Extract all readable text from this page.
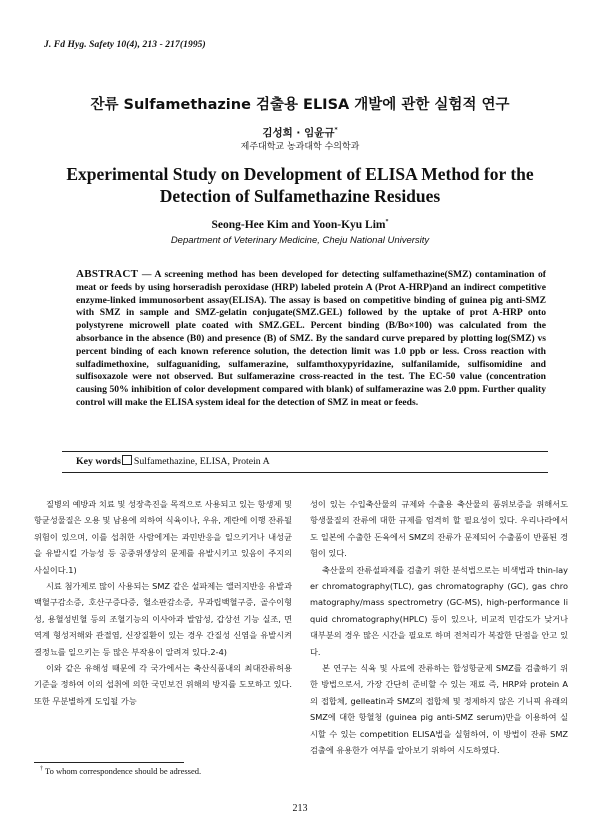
J. Fd Hyg. Safety 10(4), 213 - 217(1995)
잔류 Sulfamethazine 검출용 ELISA 개발에 관한 실험적 연구
김성희 · 임윤규*
제주대학교 농과대학 수의학과
Experimental Study on Development of ELISA Method for the Detection of Sulfamethazine Residues
Seong-Hee Kim and Yoon-Kyu Lim*
Department of Veterinary Medicine, Cheju National University
ABSTRACT — A screening method has been developed for detecting sulfamethazine(SMZ) contamination of meat or feeds by using horseradish peroxidase (HRP) labeled protein A (Prot A-HRP)and an indirect competitive enzyme-linked immunosorbent assay(ELISA). The assay is based on competitive binding of guinea pig anti-SMZ with SMZ in sample and SMZ-gelatin conjugate(SMZ.GEL) followed by the uptake of prot A-HRP onto polystyrene microwell plate coated with SMZ.GEL. Percent binding (B/Bo×100) was calculated from the absorbance in the absence (B0) and presence (B) of SMZ. By the sandard curve prepared by plotting log(SMZ) vs percent binding of each known reference solution, the detection limit was 1.0 ppb or less. Cross reaction with sulfadimethoxine, sulfaguaniding, sulfamerazine, sulfamthoxypyridazine, sulfanilamide, sulfisomidine and sulfisoxazole were not observed. But sulfamerazine cross-reacted in the test. The EC-50 value (concentration causing 50% inhibition of color development compared with blank) of sulfamerazine was 2.0 ppm. Further quality control will make the ELISA system ideal for the detection of SMZ in meat or feeds.
Key words Sulfamethazine, ELISA, Protein A

질병의 예방과 치료 및 성장촉진을 목적으로 사용되고 있는 항생제 및 항균성물질은 오용 및 남용에 의하여 식육이나, 우유, 계란에 이행 잔류될 위험이 있으며, 이를 섭취한 사람에게는 과민반응을 일으키거나 내성균을 유발시킬 가능성 등 공중위생상의 문제를 유발시키고 있음이 주지의 사실이다.1)

시료 첨가제로 많이 사용되는 SMZ 같은 설파제는 앨러지반응 유발과 백혈구감소증, 호산구증다증, 혈소판감소증, 무과립백혈구증, 골수이형성, 용혈성빈혈 등의 조혈기능의 이사아과 발암성, 갑상선 기능 실조, 면역계 형성저해와 관절염, 신장질환이 있는 경우 간질성 신염을 유발시켜 결정뇨를 일으키는 등 많은 부작용이 알려져 있다.2-4)

이와 같은 유해성 때문에 각 국가에서는 축산식품내의 최대잔류허용기준을 정하여 이의 섭취에 의한 국민보건 위해의 방지를 도모하고 있다. 또한 무분별하게 도입될 가능

성이 있는 수입축산물의 규제와 수출용 축산물의 품위보증을 위해서도 항생물질의 잔류에 대한 규제를 엄격히 할 필요성이 있다. 우리나라에서도 일본에 수출한 돈육에서 SMZ의 잔류가 문제되어 수출품이 반품된 경험이 있다.

축산물의 잔류설파제를 검출키 위한 분석법으로는 비색법과 thin-layer chromatography(TLC), gas chromatography (GC), gas chromatography/mass spectrometry (GC-MS), high-performance liquid chromatography(HPLC) 등이 있으나, 비교적 민감도가 낮거나 대부분의 경우 많은 시간을 필요로 하며 전처리가 복잡한 단점을 안고 있다.

본 연구는 식육 및 사료에 잔류하는 합성항균제 SMZ를 검출하기 위한 방법으로서, 가장 간단히 준비할 수 있는 재료 즉, HRP와 protein A의 접합체, gelleatin과 SMZ의 접합체 및 정제하지 않은 기니픽 유래의 SMZ에 대한 항혈청 (guinea pig anti-SMZ serum)만을 이용하여 실시할 수 있는 competition ELISA법을 실험하여, 이 방법이 잔류 SMZ검출에 유용한가 여부를 알아보기 위하여 시도하였다.

† To whom correspondence should be adressed.
213
